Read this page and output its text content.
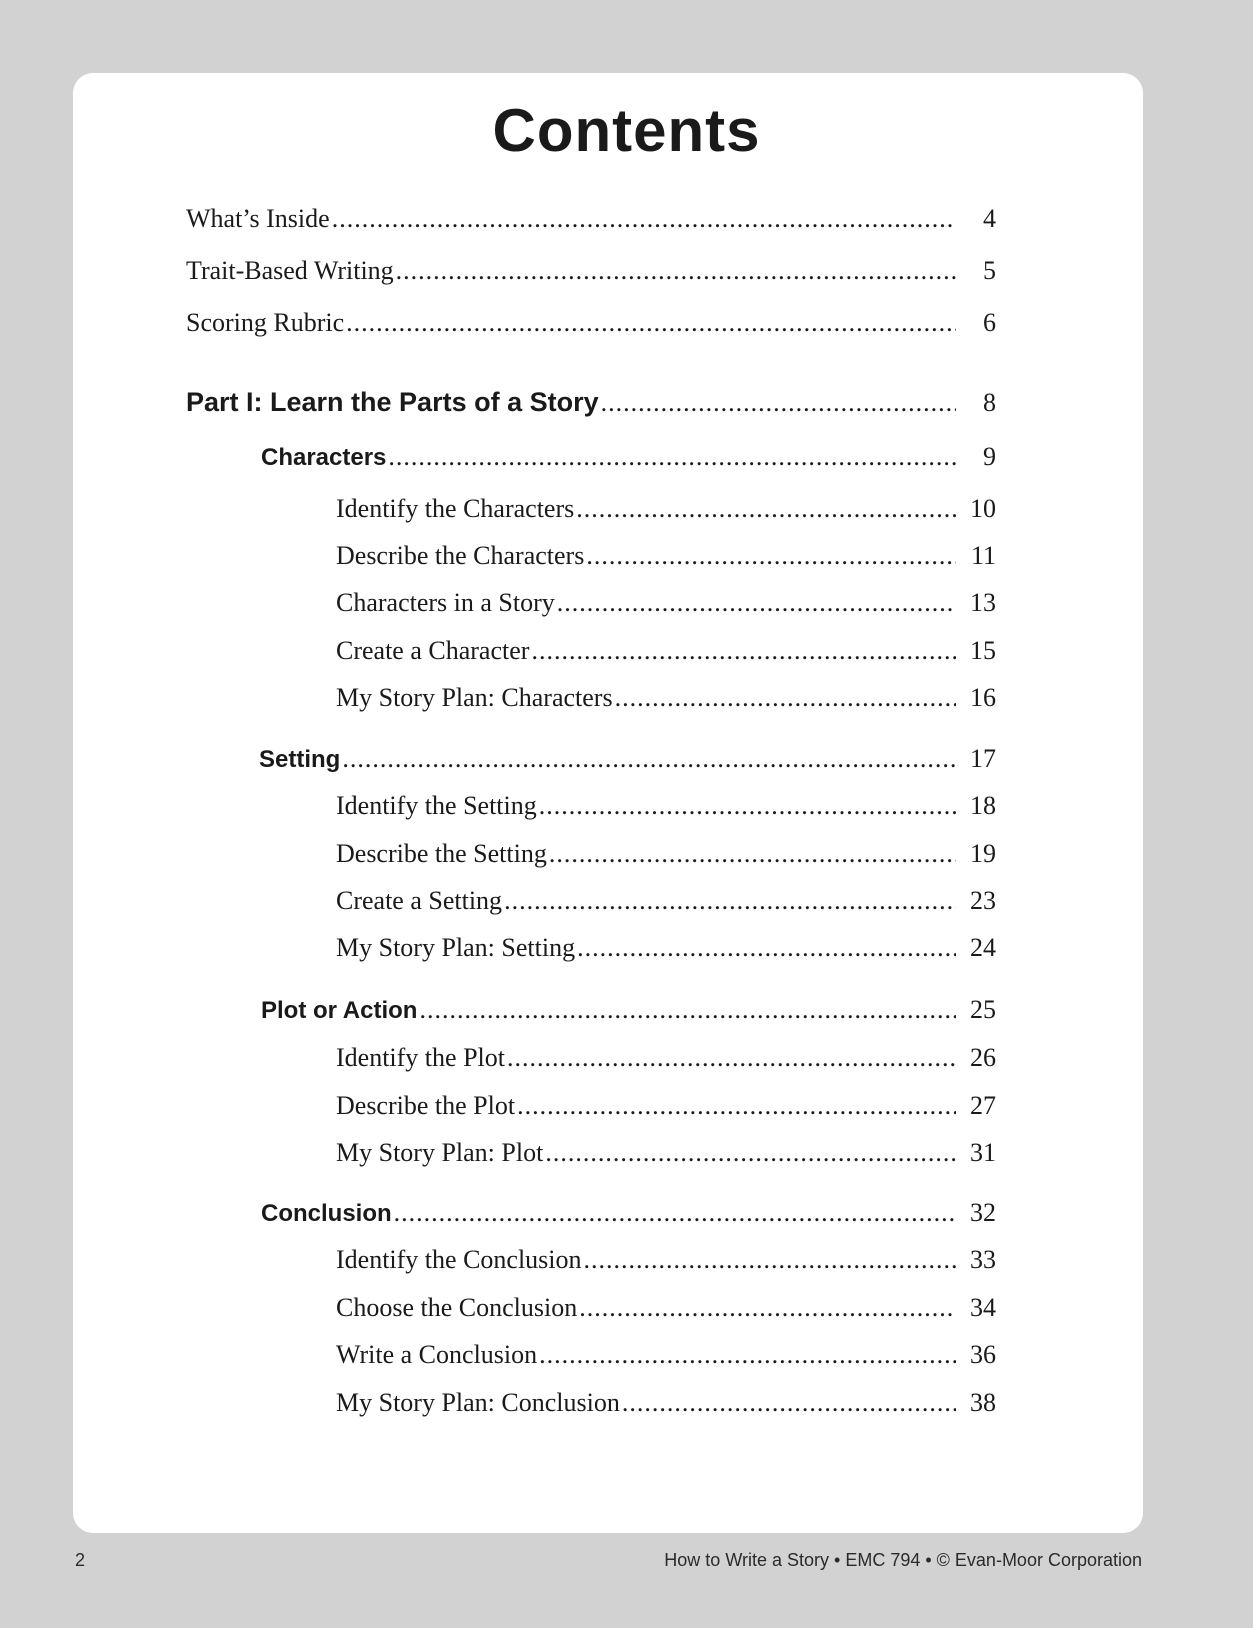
Contents
What’s Inside .....	4
Trait-Based Writing .....	5
Scoring Rubric .....	6
Part I: Learn the Parts of a Story .....	8
Characters .....	9
Identify the Characters .....	10
Describe the Characters .....	11
Characters in a Story .....	13
Create a Character .....	15
My Story Plan: Characters .....	16
Setting .....	17
Identify the Setting .....	18
Describe the Setting .....	19
Create a Setting .....	23
My Story Plan: Setting .....	24
Plot or Action .....	25
Identify the Plot .....	26
Describe the Plot .....	27
My Story Plan: Plot .....	31
Conclusion .....	32
Identify the Conclusion .....	33
Choose the Conclusion .....	34
Write a Conclusion .....	36
My Story Plan: Conclusion .....	38
2	How to Write a Story • EMC 794 • © Evan-Moor Corporation
